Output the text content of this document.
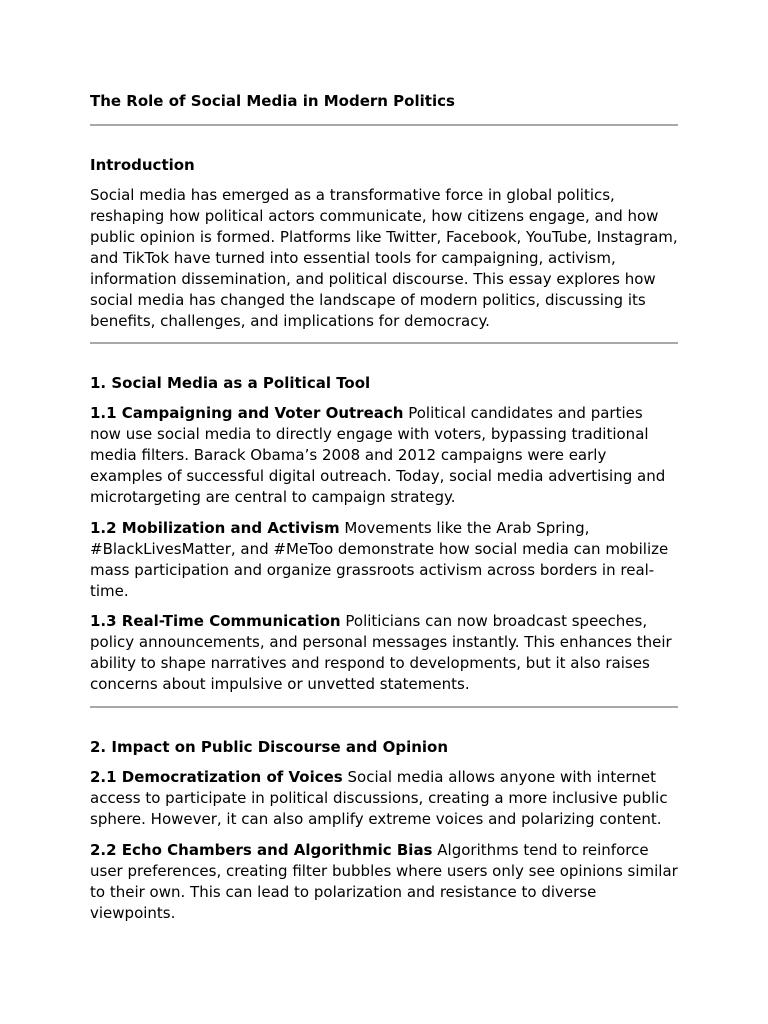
The Role of Social Media in Modern Politics
Introduction

Social media has emerged as a transformative force in global politics, reshaping how political actors communicate, how citizens engage, and how public opinion is formed. Platforms like Twitter, Facebook, YouTube, Instagram, and TikTok have turned into essential tools for campaigning, activism, information dissemination, and political discourse. This essay explores how social media has changed the landscape of modern politics, discussing its benefits, challenges, and implications for democracy.

1. Social Media as a Political Tool

1.1 Campaigning and Voter Outreach Political candidates and parties now use social media to directly engage with voters, bypassing traditional media filters. Barack Obama’s 2008 and 2012 campaigns were early examples of successful digital outreach. Today, social media advertising and microtargeting are central to campaign strategy.

1.2 Mobilization and Activism Movements like the Arab Spring, #BlackLivesMatter, and #MeToo demonstrate how social media can mobilize mass participation and organize grassroots activism across borders in real-time.

1.3 Real-Time Communication Politicians can now broadcast speeches, policy announcements, and personal messages instantly. This enhances their ability to shape narratives and respond to developments, but it also raises concerns about impulsive or unvetted statements.

2. Impact on Public Discourse and Opinion

2.1 Democratization of Voices Social media allows anyone with internet access to participate in political discussions, creating a more inclusive public sphere. However, it can also amplify extreme voices and polarizing content.

2.2 Echo Chambers and Algorithmic Bias Algorithms tend to reinforce user preferences, creating filter bubbles where users only see opinions similar to their own. This can lead to polarization and resistance to diverse viewpoints.
